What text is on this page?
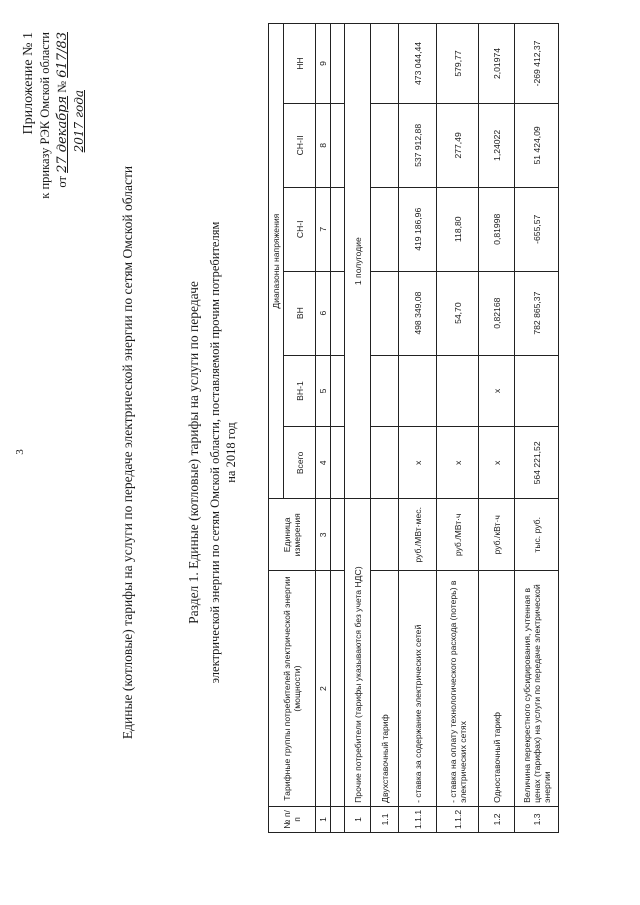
3
Приложение № 1 к приказу РЭК Омской области от 27 декабря № 617/83
2017 года
Единые (котловые) тарифы на услуги по передаче электрической энергии по сетям Омской области	Раздел 1. Единые (котловые) тарифы на услуги по передаче электрической энергии по сетям Омской области, поставляемой прочим потребителям на 2018 год
№ п/п	Тарифные группы потребителей электрической энергии (мощности)	Единица измерения	Диапазоны напряжения					
			Всего	ВН-1	ВН	СН-I	СН-II	НН
1	2	3	4	5	6	7	8	9

1	Прочие потребители (тарифы указываются без учета НДС)		1 полугодие					
1.1	Двухставочный тариф							
1.1.1	- ставка за содержание электрических сетей	руб./МВт·мес.	х		498 349,08	419 186,96	537 912,88	473 044,44
1.1.2	- ставка на оплату технологического расхода (потерь) в электрических сетях	руб./МВт·ч	х		54,70	118,80	277,49	579,77
1.2	Одноставочный тариф	руб./кВт·ч	х	х	0,82168	0,81998	1,24022	2,01974
1.3	Величина перекрестного субсидирования, учтенная в ценах (тарифах) на услуги по передаче электрической энергии	тыс. руб.	564 221,52		782 865,37	-655,57	51 424,09	-269 412,37
